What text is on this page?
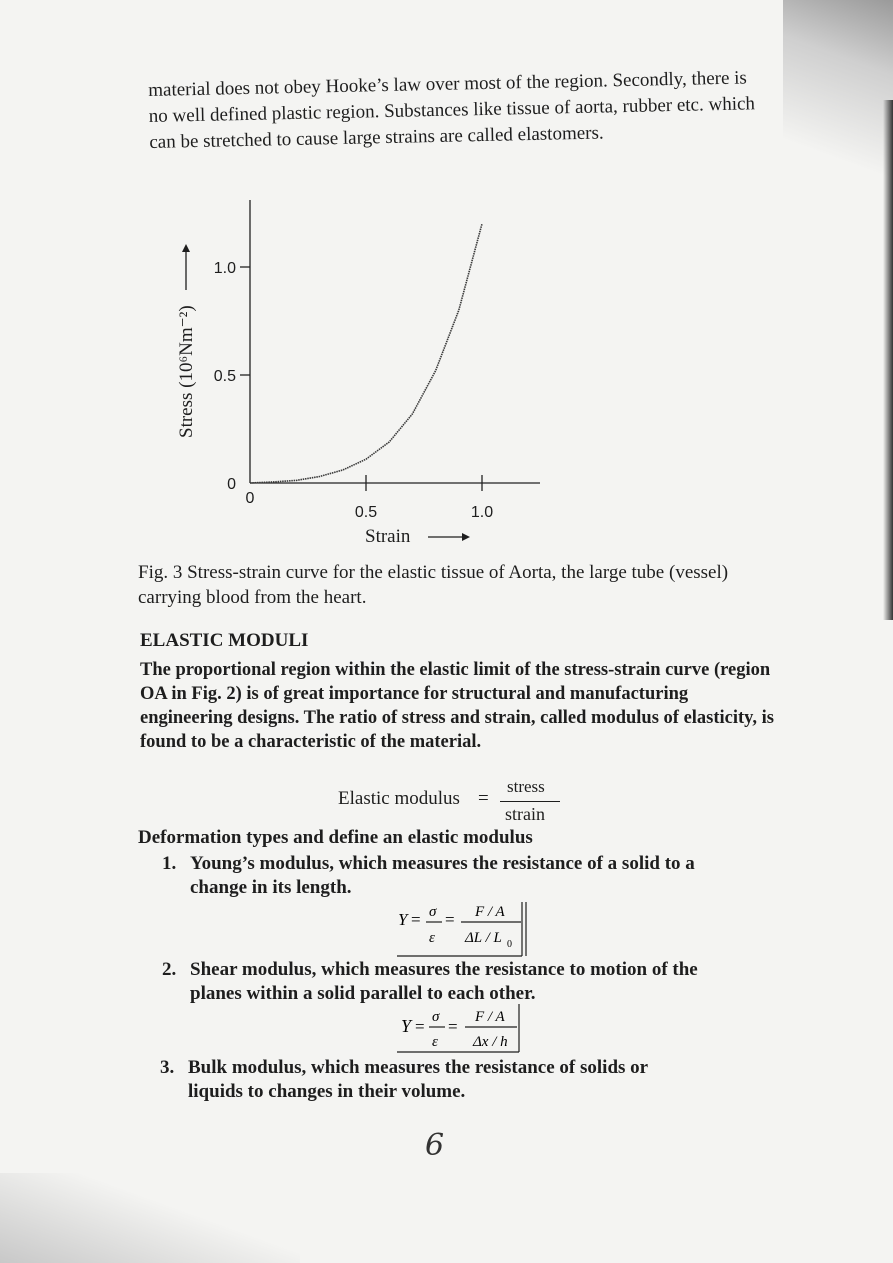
material does not obey Hooke’s law over most of the region. Secondly, there is no well defined plastic region. Substances like tissue of aorta, rubber etc. which can be stretched to cause large strains are called elastomers.

0
0.5	1.0
0
0.5
1.0
Strain
Stress (10⁶Nm⁻²)

Fig. 3 Stress-strain curve for the elastic tissue of Aorta, the large tube (vessel) carrying blood from the heart.

ELASTIC MODULI

The proportional region within the elastic limit of the stress-strain curve (region OA in Fig. 2) is of great importance for structural and manufacturing engineering designs. The ratio of stress and strain, called modulus of elasticity, is found to be a characteristic of the material.

Elastic modulus =
stress
strain

Deformation types and define an elastic modulus

1. Young’s modulus, which measures the resistance of a solid to a
change in its length.
Y = σ
ε
= F / A
ΔL / L 0
2. Shear modulus, which measures the resistance to motion of the
planes within a solid parallel to each other.
Y = σ
ε
= F / A
Δx / h
3. Bulk modulus, which measures the resistance of solids or
liquids to changes in their volume.
6
